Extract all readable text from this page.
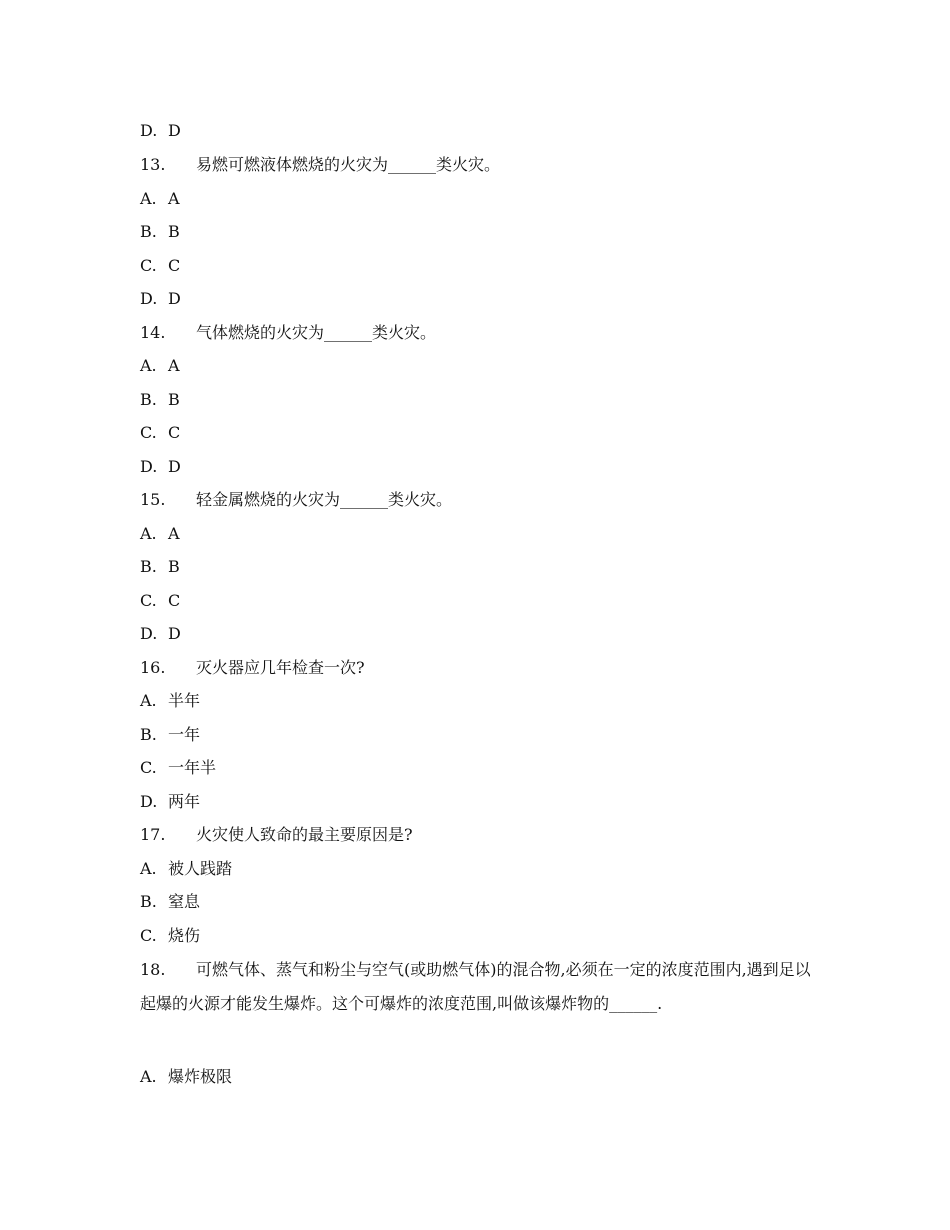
D. D
13. 易燃可燃液体燃烧的火灾为______类火灾。
A. A
B. B
C. C
D. D
14. 气体燃烧的火灾为______类火灾。
A. A
B. B
C. C
D. D
15. 轻金属燃烧的火灾为______类火灾。
A. A
B. B
C. C
D. D
16. 灭火器应几年检查一次?
A. 半年
B. 一年
C. 一年半
D. 两年
17. 火灾使人致命的最主要原因是?
A. 被人践踏
B. 窒息
C. 烧伤
18. 可燃气体、蒸气和粉尘与空气(或助燃气体)的混合物,必须在一定的浓度范围内,遇到足以起爆的火源才能发生爆炸。这个可爆炸的浓度范围,叫做该爆炸物的______.
A. 爆炸极限
